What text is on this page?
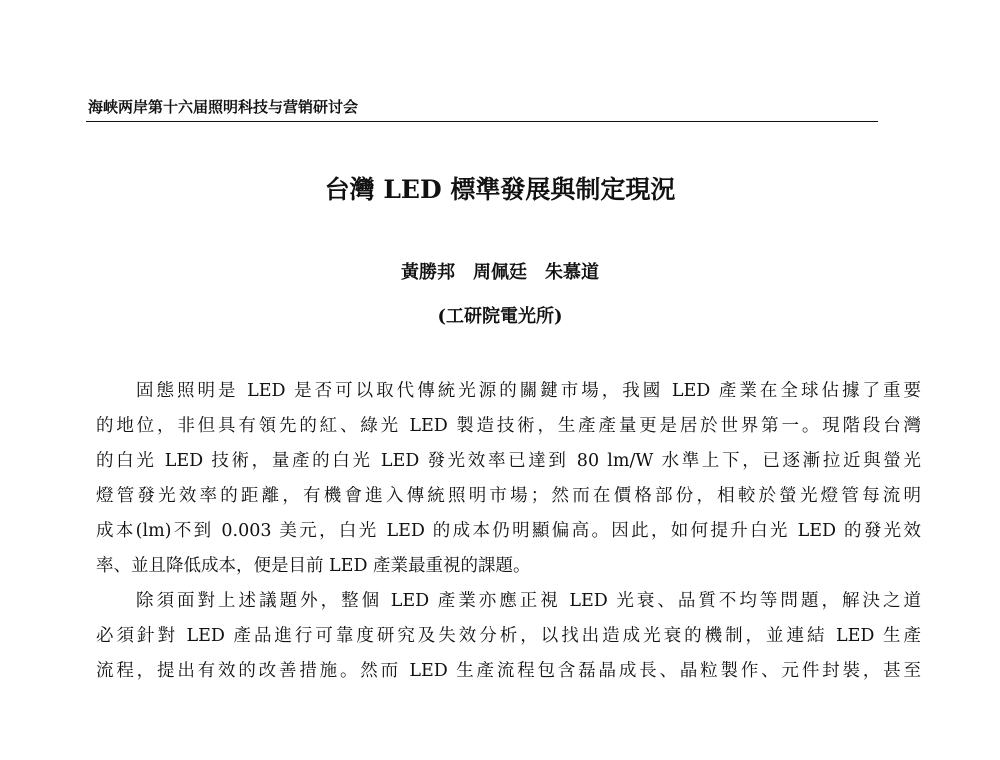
海峡两岸第十六届照明科技与营销研讨会
台灣 LED 標準發展與制定現況
黃勝邦　周佩廷　朱慕道
(工研院電光所)
固態照明是 LED 是否可以取代傳統光源的關鍵市場，我國 LED 產業在全球佔據了重要
的地位，非但具有領先的紅、綠光 LED 製造技術，生產產量更是居於世界第一。現階段台灣
的白光 LED 技術，量產的白光 LED 發光效率已達到 80 lm/W 水準上下，已逐漸拉近與螢光
燈管發光效率的距離，有機會進入傳統照明市場；然而在價格部份，相較於螢光燈管每流明
成本(lm)不到 0.003 美元，白光 LED 的成本仍明顯偏高。因此，如何提升白光 LED 的發光效
率、並且降低成本，便是目前 LED 產業最重視的課題。
除須面對上述議題外，整個 LED 產業亦應正視 LED 光衰、品質不均等問題，解決之道
必須針對 LED 產品進行可靠度研究及失效分析，以找出造成光衰的機制，並連結 LED 生產
流程，提出有效的改善措施。然而 LED 生產流程包含磊晶成長、晶粒製作、元件封裝，甚至
